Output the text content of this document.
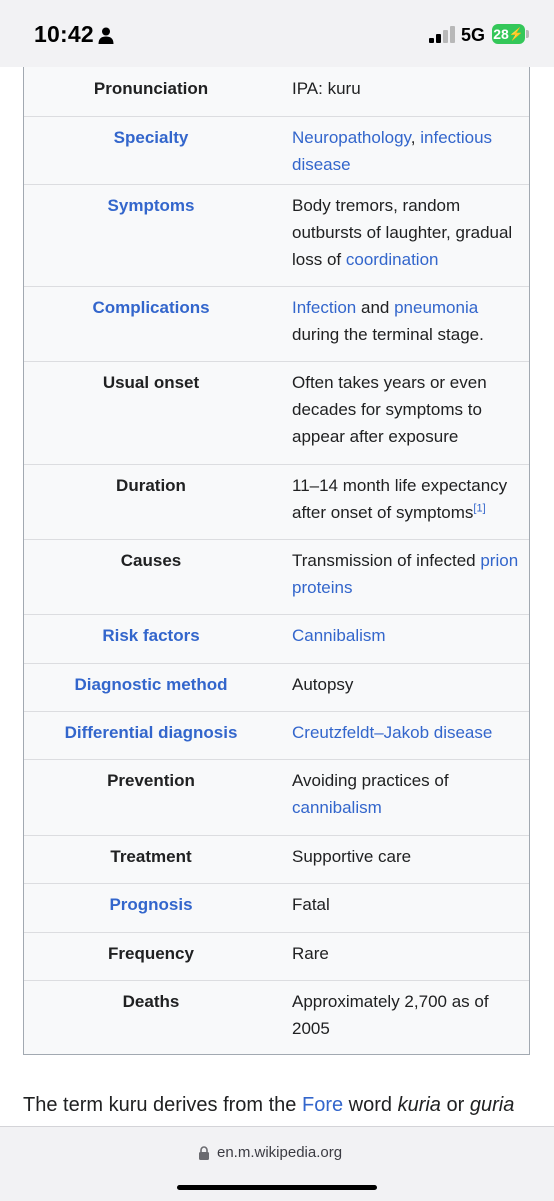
10:42	5G 28 ⚡
Pronunciation	IPA: kuru
Specialty	Neuropathology, infectious disease
Symptoms	Body tremors, random outbursts of laughter, gradual loss of coordination
Complications	Infection and pneumonia during the terminal stage.
Usual onset	Often takes years or even decades for symptoms to appear after exposure
Duration	11–14 month life expectancy after onset of symptoms[1]
Causes	Transmission of infected prion proteins
Risk factors	Cannibalism
Diagnostic method	Autopsy
Differential diagnosis	Creutzfeldt–Jakob disease
Prevention	Avoiding practices of cannibalism
Treatment	Supportive care
Prognosis	Fatal
Frequency	Rare
Deaths	Approximately 2,700 as of 2005
The term kuru derives from the Fore word kuria or guria
en.m.wikipedia.org
